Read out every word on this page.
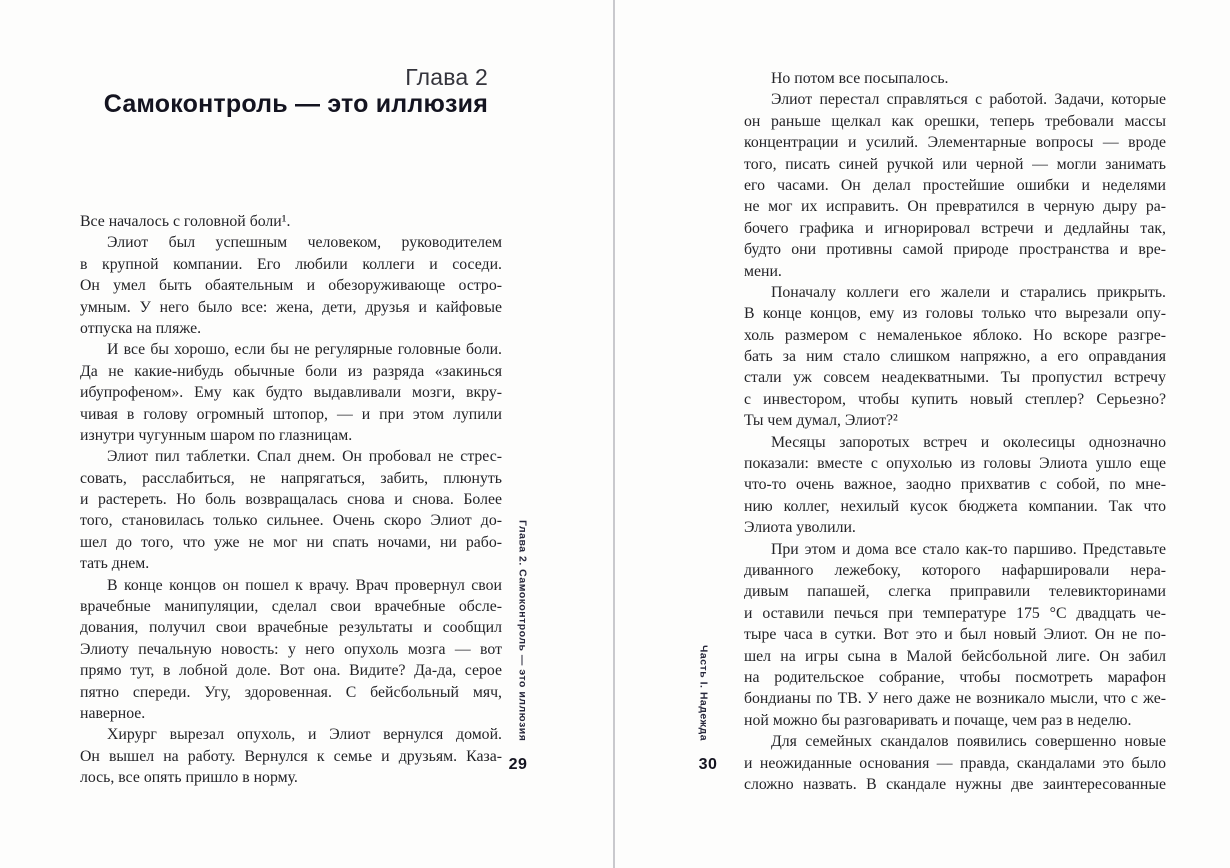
Глава 2
Самоконтроль — это иллюзия
Все началось с головной боли¹.
Элиот был успешным человеком, руководителем
в крупной компании. Его любили коллеги и соседи.
Он умел быть обаятельным и обезоруживающе остро-
умным. У него было все: жена, дети, друзья и кайфовые
отпуска на пляже.
И все бы хорошо, если бы не регулярные головные боли.
Да не какие-нибудь обычные боли из разряда «закинься
ибупрофеном». Ему как будто выдавливали мозги, вкру-
чивая в голову огромный штопор, — и при этом лупили
изнутри чугунным шаром по глазницам.
Элиот пил таблетки. Спал днем. Он пробовал не стрес-
совать, расслабиться, не напрягаться, забить, плюнуть
и растереть. Но боль возвращалась снова и снова. Более
того, становилась только сильнее. Очень скоро Элиот до-
шел до того, что уже не мог ни спать ночами, ни рабо-
тать днем.
В конце концов он пошел к врачу. Врач провернул свои
врачебные манипуляции, сделал свои врачебные обсле-
дования, получил свои врачебные результаты и сообщил
Элиоту печальную новость: у него опухоль мозга — вот
прямо тут, в лобной доле. Вот она. Видите? Да-да, серое
пятно спереди. Угу, здоровенная. С бейсбольный мяч,
наверное.
Хирург вырезал опухоль, и Элиот вернулся домой.
Он вышел на работу. Вернулся к семье и друзьям. Каза-
лось, все опять пришло в норму.
Глава 2. Самоконтроль — это иллюзия
29
Но потом все посыпалось.
Элиот перестал справляться с работой. Задачи, которые
он раньше щелкал как орешки, теперь требовали массы
концентрации и усилий. Элементарные вопросы — вроде
того, писать синей ручкой или черной — могли занимать
его часами. Он делал простейшие ошибки и неделями
не мог их исправить. Он превратился в черную дыру ра-
бочего графика и игнорировал встречи и дедлайны так,
будто они противны самой природе пространства и вре-
мени.
Поначалу коллеги его жалели и старались прикрыть.
В конце концов, ему из головы только что вырезали опу-
холь размером с немаленькое яблоко. Но вскоре разгре-
бать за ним стало слишком напряжно, а его оправдания
стали уж совсем неадекватными. Ты пропустил встречу
с инвестором, чтобы купить новый степлер? Серьезно?
Ты чем думал, Элиот?²
Месяцы запоротых встреч и околесицы однозначно
показали: вместе с опухолью из головы Элиота ушло еще
что-то очень важное, заодно прихватив с собой, по мне-
нию коллег, нехилый кусок бюджета компании. Так что
Элиота уволили.
При этом и дома все стало как-то паршиво. Представьте
диванного лежебоку, которого нафаршировали нера-
дивым папашей, слегка приправили телевикторинами
и оставили печься при температуре 175 °C двадцать че-
тыре часа в сутки. Вот это и был новый Элиот. Он не по-
шел на игры сына в Малой бейсбольной лиге. Он забил
на родительское собрание, чтобы посмотреть марафон
бондианы по ТВ. У него даже не возникало мысли, что с же-
ной можно бы разговаривать и почаще, чем раз в неделю.
Для семейных скандалов появились совершенно новые
и неожиданные основания — правда, скандалами это было
сложно назвать. В скандале нужны две заинтересованные
Часть I. Надежда
30
